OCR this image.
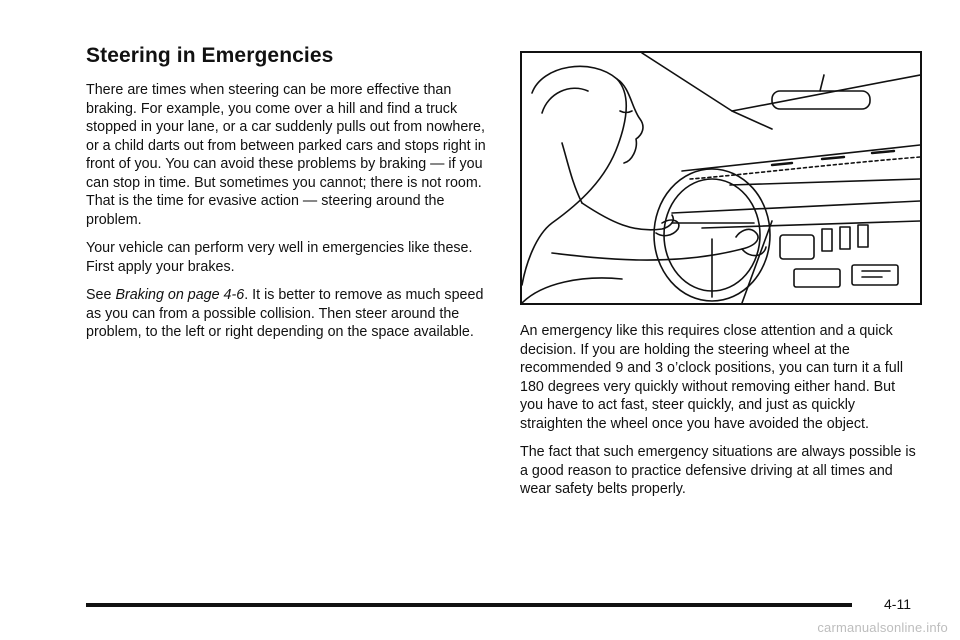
Steering in Emergencies

There are times when steering can be more effective than braking. For example, you come over a hill and find a truck stopped in your lane, or a car suddenly pulls out from nowhere, or a child darts out from between parked cars and stops right in front of you. You can avoid these problems by braking — if you can stop in time. But sometimes you cannot; there is not room. That is the time for evasive action — steering around the problem.

Your vehicle can perform very well in emergencies like these. First apply your brakes.

See Braking on page 4-6. It is better to remove as much speed as you can from a possible collision. Then steer around the problem, to the left or right depending on the space available.	An emergency like this requires close attention and a quick decision. If you are holding the steering wheel at the recommended 9 and 3 o’clock positions, you can turn it a full 180 degrees very quickly without removing either hand. But you have to act fast, steer quickly, and just as quickly straighten the wheel once you have avoided the object.

The fact that such emergency situations are always possible is a good reason to practice defensive driving at all times and wear safety belts properly.

4-11
carmanualsonline.info
